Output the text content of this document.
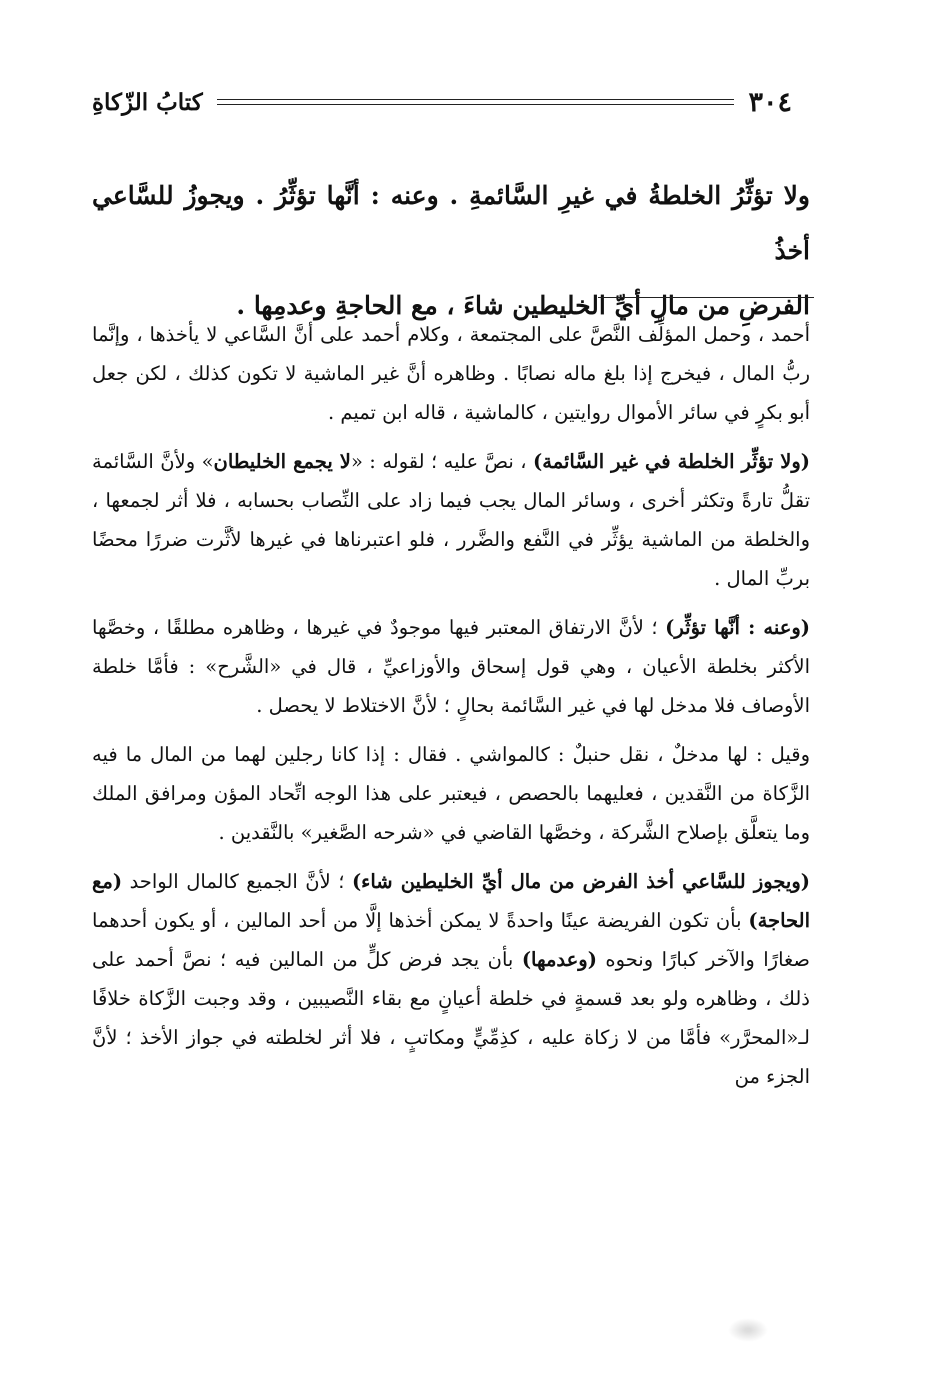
كتابُ الزّكاةِ	٣٠٤
ولا تؤثِّرُ الخلطةُ في غيرِ السَّائمةِ . وعنه : أنَّها تؤثِّرُ . ويجوزُ للسَّاعي أخذُ
الفرضِ من مالِ أيِّ الخليطين شاءَ ، مع الحاجةِ وعدمِها .

أحمد ، وحمل المؤلِّف النَّصَّ على المجتمعة ، وكلام أحمد على أنَّ السَّاعي لا يأخذها ، وإنَّما ربُّ المال ، فيخرج إذا بلغ ماله نصابًا . وظاهره أنَّ غير الماشية لا تكون كذلك ، لكن جعل أبو بكرٍ في سائر الأموال روايتين ، كالماشية ، قاله ابن تميم .

(ولا تؤثِّر الخلطة في غير السَّائمة) ، نصَّ عليه ؛ لقوله : «لا يجمع الخليطان» ولأنَّ السَّائمة تقلُّ تارةً وتكثر أخرى ، وسائر المال يجب فيما زاد على النِّصاب بحسابه ، فلا أثر لجمعها ، والخلطة من الماشية يؤثِّر في النَّفع والضَّرر ، فلو اعتبرناها في غيرها لأثَّرت ضررًا محضًا بربِّ المال .

(وعنه : أنَّها تؤثِّر) ؛ لأنَّ الارتفاق المعتبر فيها موجودٌ في غيرها ، وظاهره مطلقًا ، وخصَّها الأكثر بخلطة الأعيان ، وهي قول إسحاق والأوزاعيِّ ، قال في «الشَّرح» : فأمَّا خلطة الأوصاف فلا مدخل لها في غير السَّائمة بحالٍ ؛ لأنَّ الاختلاط لا يحصل .

وقيل : لها مدخلٌ ، نقل حنبلٌ : كالمواشي . فقال : إذا كانا رجلين لهما من المال ما فيه الزَّكاة من النَّقدين ، فعليهما بالحصص ، فيعتبر على هذا الوجه اتِّحاد المؤن ومرافق الملك وما يتعلَّق بإصلاح الشَّركة ، وخصَّها القاضي في «شرحه الصَّغير» بالنَّقدين .

(ويجوز للسَّاعي أخذ الفرض من مال أيِّ الخليطين شاء) ؛ لأنَّ الجميع كالمال الواحد (مع الحاجة) بأن تكون الفريضة عينًا واحدةً لا يمكن أخذها إلَّا من أحد المالين ، أو يكون أحدهما صغارًا والآخر كبارًا ونحوه (وعدمها) بأن يجد فرض كلٍّ من المالين فيه ؛ نصَّ أحمد على ذلك ، وظاهره ولو بعد قسمةٍ في خلطة أعيانٍ مع بقاء النَّصيبين ، وقد وجبت الزَّكاة خلافًا لـ«المحرَّر» فأمَّا من لا زكاة عليه ، كذِمِّيٍّ ومكاتبٍ ، فلا أثر لخلطته في جواز الأخذ ؛ لأنَّ الجزء من
